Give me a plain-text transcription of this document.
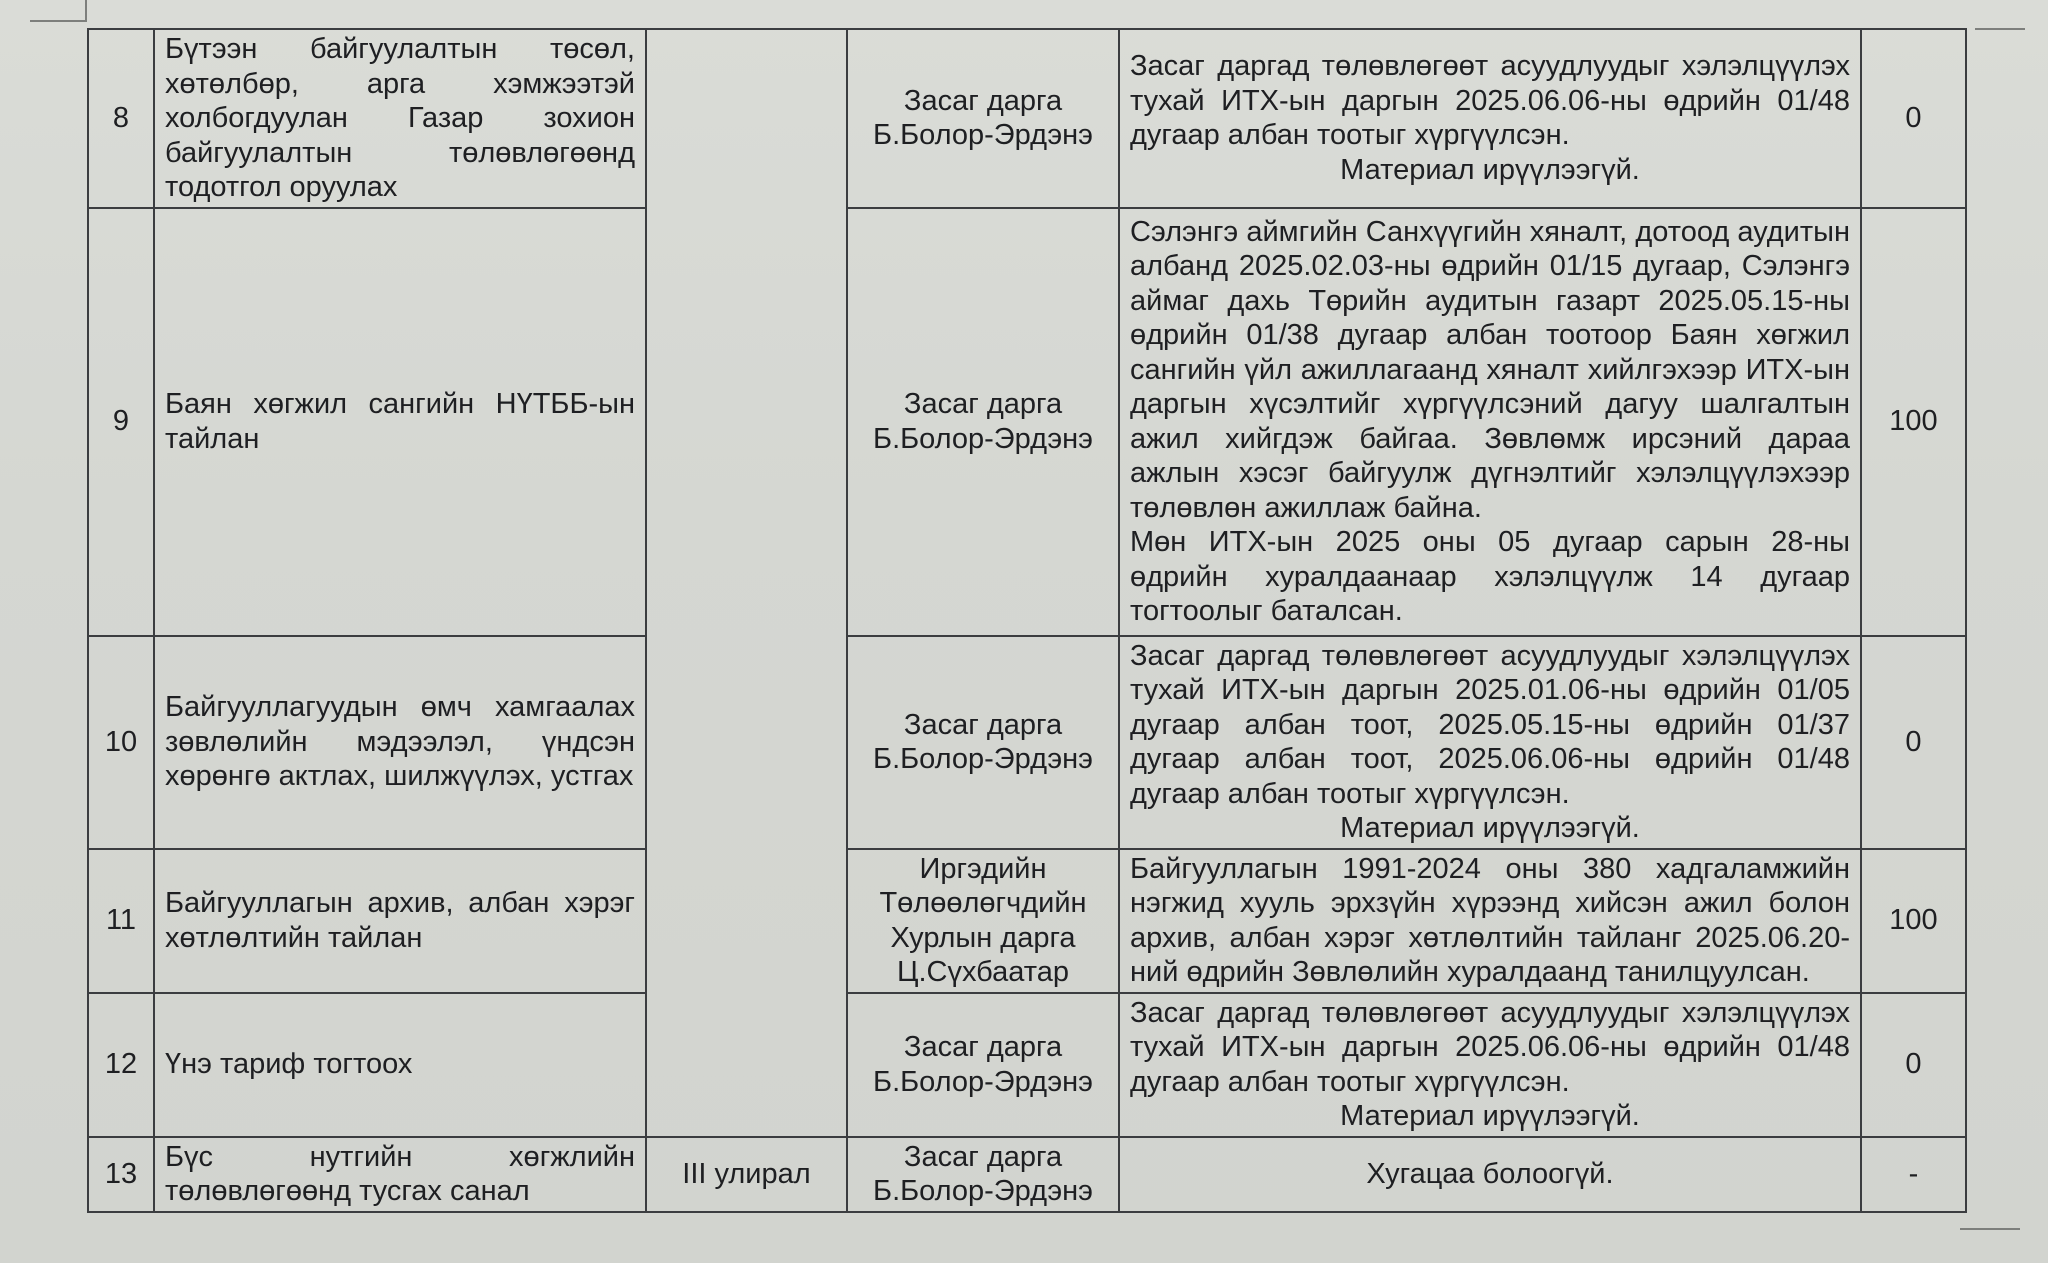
8	Бүтээн байгуулалтын төсөл, хөтөлбөр, арга хэмжээтэй холбогдуулан Газар зохион байгуулалтын төлөвлөгөөнд тодотгол оруулах		Засаг дарга
Б.Болор-Эрдэнэ	Засаг даргад төлөвлөгөөт асуудлуудыг хэлэлцүүлэх тухай ИТХ-ын даргын 2025.06.06-ны өдрийн 01/48 дугаар албан тоотыг хүргүүлсэн.
Материал ирүүлээгүй.	0
9	Баян хөгжил сангийн НҮТББ-ын тайлан		Засаг дарга
Б.Болор-Эрдэнэ	Сэлэнгэ аймгийн Санхүүгийн хяналт, дотоод аудитын албанд 2025.02.03-ны өдрийн 01/15 дугаар, Сэлэнгэ аймаг дахь Төрийн аудитын газарт 2025.05.15-ны өдрийн 01/38 дугаар албан тоотоор Баян хөгжил сангийн үйл ажиллагаанд хяналт хийлгэхээр ИТХ-ын даргын хүсэлтийг хүргүүлсэний дагуу шалгалтын ажил хийгдэж байгаа. Зөвлөмж ирсэний дараа ажлын хэсэг байгуулж дүгнэлтийг хэлэлцүүлэхээр төлөвлөн ажиллаж байна.
Мөн ИТХ-ын 2025 оны 05 дугаар сарын 28-ны өдрийн хуралдаанаар хэлэлцүүлж 14 дугаар тогтоолыг баталсан.	100
10	Байгууллагуудын өмч хамгаалах зөвлөлийн мэдээлэл, үндсэн хөрөнгө актлах, шилжүүлэх, устгах		Засаг дарга
Б.Болор-Эрдэнэ	Засаг даргад төлөвлөгөөт асуудлуудыг хэлэлцүүлэх тухай ИТХ-ын даргын 2025.01.06-ны өдрийн 01/05 дугаар албан тоот, 2025.05.15-ны өдрийн 01/37 дугаар албан тоот, 2025.06.06-ны өдрийн 01/48 дугаар албан тоотыг хүргүүлсэн.
Материал ирүүлээгүй.	0
11	Байгууллагын архив, албан хэрэг хөтлөлтийн тайлан		Иргэдийн
Төлөөлөгчдийн
Хурлын дарга
Ц.Сүхбаатар	Байгууллагын 1991-2024 оны 380 хадгаламжийн нэгжид хууль эрхзүйн хүрээнд хийсэн ажил болон архив, албан хэрэг хөтлөлтийн тайланг 2025.06.20-ний өдрийн Зөвлөлийн хуралдаанд танилцуулсан.	100
12	Үнэ тариф тогтоох		Засаг дарга
Б.Болор-Эрдэнэ	Засаг даргад төлөвлөгөөт асуудлуудыг хэлэлцүүлэх тухай ИТХ-ын даргын 2025.06.06-ны өдрийн 01/48 дугаар албан тоотыг хүргүүлсэн.
Материал ирүүлээгүй.	0
13	Бүс нутгийн хөгжлийн төлөвлөгөөнд тусгах санал	III улирал	Засаг дарга
Б.Болор-Эрдэнэ	Хугацаа болоогүй.	-
